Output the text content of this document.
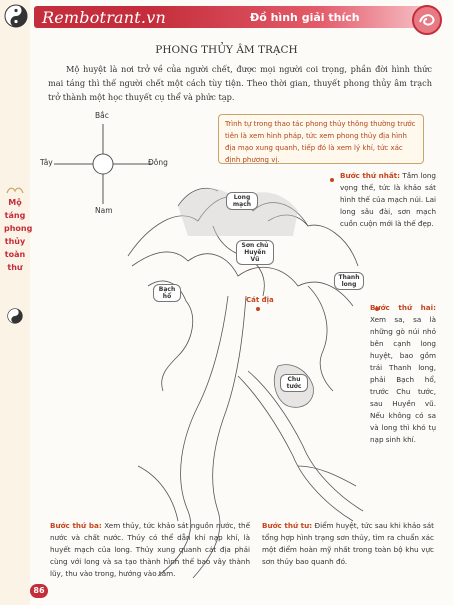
Rembotrant.vn	Đồ hình giải thích
Mộ
táng
phong
thủy
toàn
thư
PHONG THỦY ÂM TRẠCH
Mộ huyệt là nơi trở về của người chết, được mọi người coi trọng, phần đời hình thức mai táng thì thế người chết một cách tùy tiện. Theo thời gian, thuyết phong thủy âm trạch trở thành một học thuyết cụ thể và phức tạp.
Bắc
Nam
Đông
Tây
Trình tự trong thao tác phong thủy thông thường trước tiên là xem hình pháp, tức xem phong thủy địa hình địa mạo xung quanh, tiếp đó là xem lý khí, tức xác định phương vị.
Long mạch
Sơn chủ Huyền Vũ
Thanh long
Bạch hổ	Cát địa
Chu tước
Bước thứ nhất: Tầm long vọng thế, tức là khảo sát hình thế của mạch núi. Lai long sâu đài, sơn mạch cuồn cuộn mới là thế đẹp.
Bước thứ hai: Xem sa, sa là những gò núi nhỏ bên cạnh long huyệt, bao gồm trái Thanh long, phải Bạch hổ, trước Chu tước, sau Huyền vũ. Nếu không có sa và long thì khó tụ nạp sinh khí.
Bước thứ ba: Xem thủy, tức khảo sát nguồn nước, thế nước và chất nước. Thủy có thể dẫn khí nạp khí, là huyết mạch của long. Thủy xung quanh cát địa phải cùng với long và sa tạo thành hình thế bao vây thành lũy, thu vào trong, hướng vào tâm.
Bước thứ tư: Điểm huyệt, tức sau khi khảo sát tổng hợp hình trạng sơn thủy, tìm ra chuẩn xác một điểm hoàn mỹ nhất trong toàn bộ khu vực sơn thủy bao quanh đó.
86
